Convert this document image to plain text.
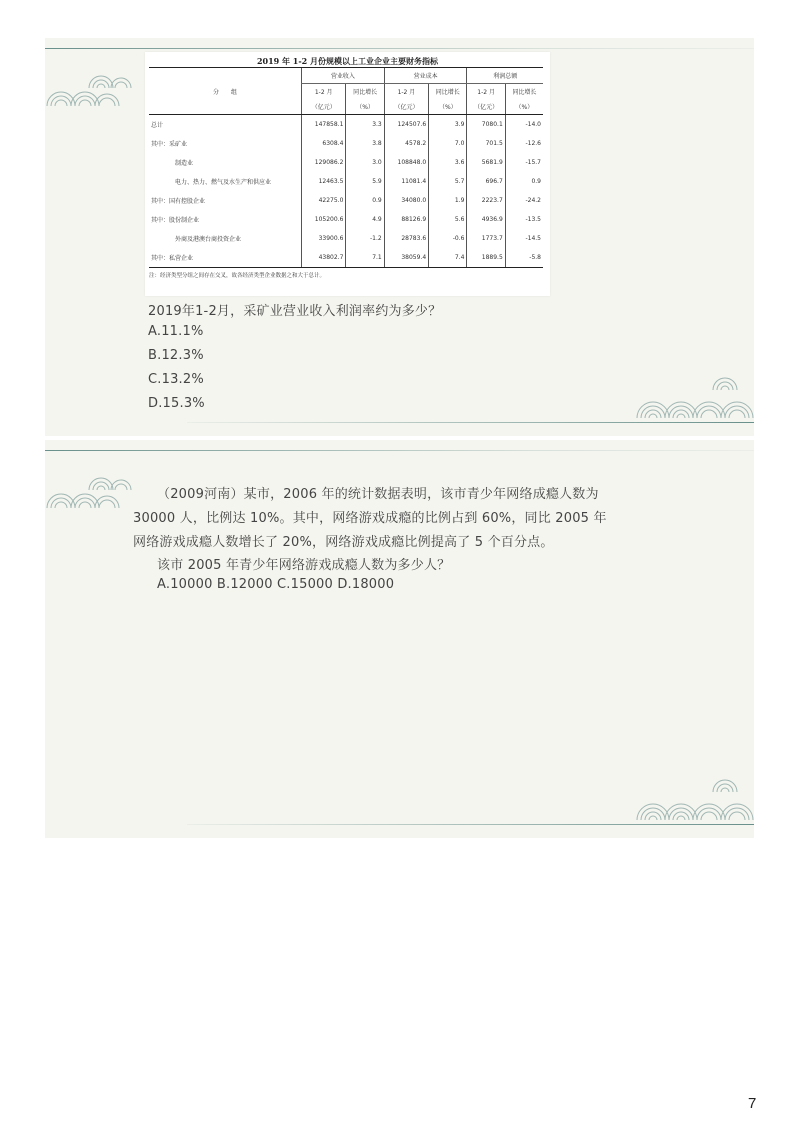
2019 年 1-2 月份规模以上工业企业主要财务指标
分　　组	营业收入		营业成本		利润总额	
	1-2 月	同比增长	1-2 月	同比增长	1-2 月	同比增长
	（亿元）	（%）	（亿元）	（%）	（亿元）	（%）
总计	147858.1	3.3	124507.6	3.9	7080.1	-14.0
其中：采矿业	6308.4	3.8	4578.2	7.0	701.5	-12.6
制造业	129086.2	3.0	108848.0	3.6	5681.9	-15.7
电力、热力、燃气及水生产和供应业	12463.5	5.9	11081.4	5.7	696.7	0.9
其中：国有控股企业	42275.0	0.9	34080.0	1.9	2223.7	-24.2
其中：股份制企业	105200.6	4.9	88126.9	5.6	4936.9	-13.5
外商及港澳台商投资企业	33900.6	-1.2	28783.6	-0.6	1773.7	-14.5
其中：私营企业	43802.7	7.1	38059.4	7.4	1889.5	-5.8
注：经济类型分组之间存在交叉，故各经济类型企业数据之和大于总计。
2019年1-2月，采矿业营业收入利润率约为多少？
A.11.1%
B.12.3%
C.13.2%
D.15.3%
（2009河南）某市，2006 年的统计数据表明，该市青少年网络成瘾人数为
30000 人，比例达 10%。其中，网络游戏成瘾的比例占到 60%，同比 2005 年
网络游戏成瘾人数增长了 20%，网络游戏成瘾比例提高了 5 个百分点。
该市 2005 年青少年网络游戏成瘾人数为多少人？
A.10000 B.12000 C.15000 D.18000
7
